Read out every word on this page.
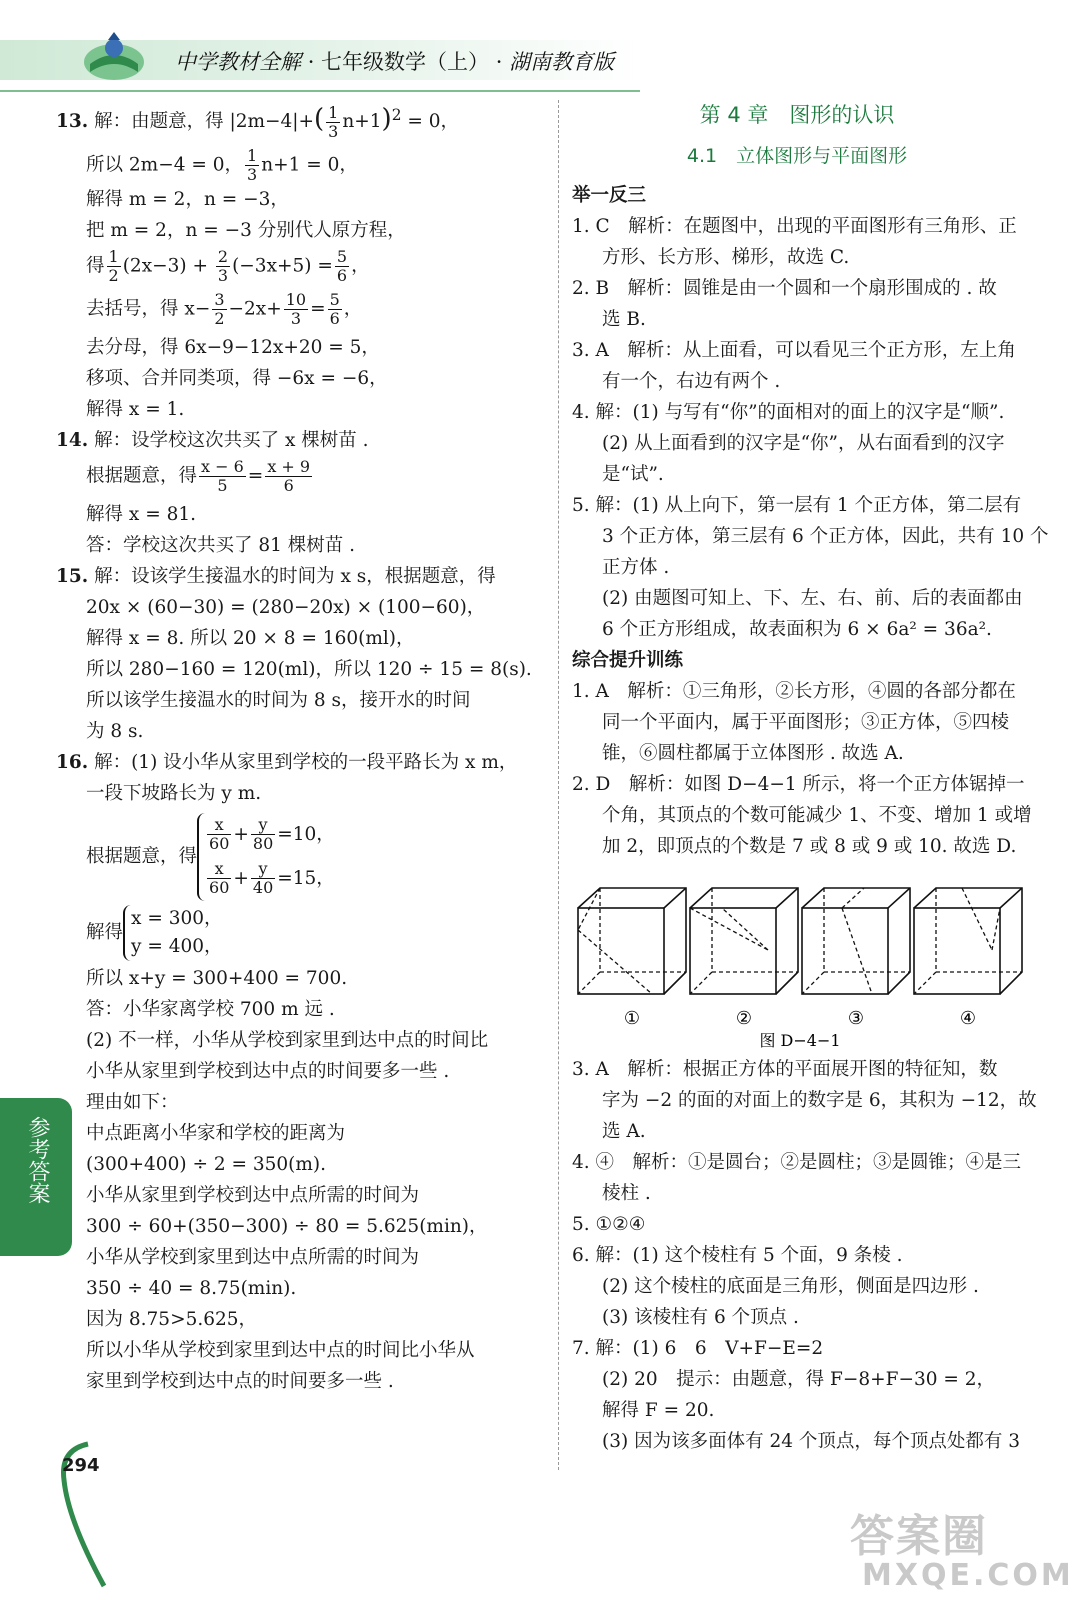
中学教材全解 · 七年级数学（上） · 湖南教育版

13. 解：由题意，得 $|2m-4|+( \frac{1}{3} n+1)^2 = 0$，

所以 2m−4 = 0， $\frac{1}{3} n+1 = 0$，

解得 m = 2，n = −3，

把 m = 2，n = −3 分别代人原方程，

得 $\frac{1}{2} (2x-3) + \frac{2}{3} (-3x+5) = \frac{5}{6}$ ，

去括号，得 $x- \frac{3}{2} -2x+ \frac{10}{3} = \frac{5}{6}$ ，

去分母，得 6x−9−12x+20 = 5，

移项、合并同类项，得 −6x = −6，

解得 x = 1.

14. 解：设学校这次共买了 x 棵树苗 .

根据题意，得 $\frac{x - 6}{5} = \frac{x + 9}{6}$

解得 x = 81.

答：学校这次共买了 81 棵树苗 .

15. 解：设该学生接温水的时间为 x s，根据题意，得

20x × (60−30) = (280−20x) × (100−60)，

解得 x = 8. 所以 20 × 8 = 160(ml)，

所以 280−160 = 120(ml)，所以 120 ÷ 15 = 8(s).

所以该学生接温水的时间为 8 s，接开水的时间

为 8 s.

16. 解：(1) 设小华从家里到学校的一段平路长为 x m，

一段下坡路长为 y m.

根据题意，得
$\frac{x}{60} + \frac{y}{80} =10$，
$\frac{x}{60} + \frac{y}{40} =15$，
解得
x = 300，
y = 400，

所以 x+y = 300+400 = 700.

答：小华家离学校 700 m 远 .

(2) 不一样，小华从学校到家里到达中点的时间比

小华从家里到学校到达中点的时间要多一些 .

理由如下：

中点距离小华家和学校的距离为

(300+400) ÷ 2 = 350(m).

小华从家里到学校到达中点所需的时间为

300 ÷ 60+(350−300) ÷ 80 = 5.625(min)，

小华从学校到家里到达中点所需的时间为

350 ÷ 40 = 8.75(min).

因为 8.75>5.625，

所以小华从学校到家里到达中点的时间比小华从

家里到学校到达中点的时间要多一些 .

第 4 章　图形的认识

4.1　立体图形与平面图形

举一反三

1. C　解析：在题图中，出现的平面图形有三角形、正

方形、长方形、梯形，故选 C.

2. B　解析：圆锥是由一个圆和一个扇形围成的 . 故

选 B.

3. A　解析：从上面看，可以看见三个正方形，左上角

有一个，右边有两个 .

4. 解：(1) 与写有“你”的面相对的面上的汉字是“顺”.

(2) 从上面看到的汉字是“你”，从右面看到的汉字

是“试”.

5. 解：(1) 从上向下，第一层有 1 个正方体，第二层有

3 个正方体，第三层有 6 个正方体，因此，共有 10 个

正方体 .

(2) 由题图可知上、下、左、右、前、后的表面都由

6 个正方形组成，故表面积为 6 × 6a² = 36a².

综合提升训练

1. A　解析：①三角形，②长方形，④圆的各部分都在

同一个平面内，属于平面图形；③正方体，⑤四棱

锥，⑥圆柱都属于立体图形 . 故选 A.

2. D　解析：如图 D−4−1 所示，将一个正方体锯掉一

个角，其顶点的个数可能减少 1、不变、增加 1 或增

加 2，即顶点的个数是 7 或 8 或 9 或 10. 故选 D.

3. A　解析：根据正方体的平面展开图的特征知，数

字为 −2 的面的对面上的数字是 6，其积为 −12，故

选 A.

4. ④　解析：①是圆台；②是圆柱；③是圆锥；④是三

棱柱 .

5. ①②④

6. 解：(1) 这个棱柱有 5 个面，9 条棱 .

(2) 这个棱柱的底面是三角形，侧面是四边形 .

(3) 该棱柱有 6 个顶点 .

7. 解：(1) 6　6　V+F−E=2

(2) 20　提示：由题意，得 F−8+F−30 = 2，

解得 F = 20.

(3) 因为该多面体有 24 个顶点，每个顶点处都有 3

①	②	③	④
图 D−4−1
参考答案
294
答案圈
MXQE.COM
